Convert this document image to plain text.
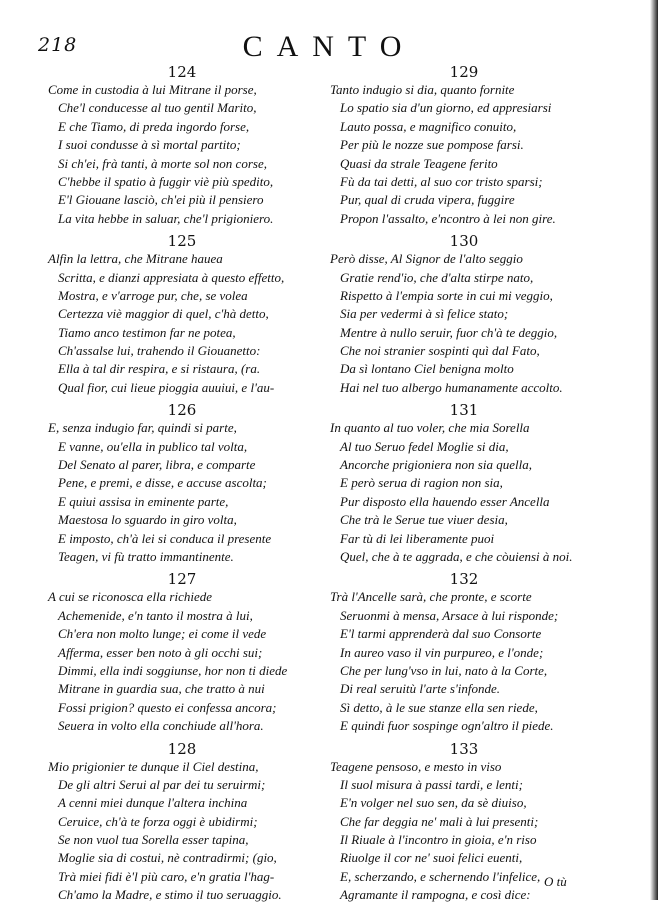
218	CANTO
124
Come in custodia à lui Mitrane il porse,
Che'l conducesse al tuo gentil Marito,
E che Tiamo, di preda ingordo forse,
I suoi condusse à sì mortal partito;
Si ch'ei, frà tanti, à morte sol non corse,
C'hebbe il spatio à fuggir viè più spedito,
E'l Giouane lasciò, ch'ei più il pensiero
La vita hebbe in saluar, che'l prigioniero.
125
Alfin la lettra, che Mitrane hauea
Scritta, e dianzi appresiata à questo effetto,
Mostra, e v'arroge pur, che, se volea
Certezza viè maggior di quel, c'hà detto,
Tiamo anco testimon far ne potea,
Ch'assalse lui, trahendo il Giouanetto:
Ella à tal dir respira, e si ristaura, (ra.
Qual fior, cui lieue pioggia auuiui, e l'au-
126
E, senza indugio far, quindi si parte,
E vanne, ou'ella in publico tal volta,
Del Senato al parer, libra, e comparte
Pene, e premi, e disse, e accuse ascolta;
E quiui assisa in eminente parte,
Maestosa lo sguardo in giro volta,
E imposto, ch'à lei si conduca il presente
Teagen, vi fù tratto immantinente.
127
A cui se riconosca ella richiede
Achemenide, e'n tanto il mostra à lui,
Ch'era non molto lunge; ei come il vede
Afferma, esser ben noto à gli occhi sui;
Dimmi, ella indi soggiunse, hor non ti diede
Mitrane in guardia sua, che tratto à nui
Fossi prigion? questo ei confessa ancora;
Seuera in volto ella conchiude all'hora.
128
Mio prigionier te dunque il Ciel destina,
De gli altri Serui al par dei tu seruirmi;
A cenni miei dunque l'altera inchina
Ceruice, ch'à te forza oggi è ubidirmi;
Se non vuol tua Sorella esser tapina,
Moglie sia di costui, nè contradirmi; (gio,
Trà miei fidi è'l più caro, e'n gratia l'hag-
Ch'amo la Madre, e stimo il tuo seruaggio.
129
Tanto indugio si dia, quanto fornite
Lo spatio sia d'un giorno, ed appresiarsi
Lauto possa, e magnifico conuito,
Per più le nozze sue pompose farsi.
Quasi da strale Teagene ferito
Fù da tai detti, al suo cor tristo sparsi;
Pur, qual di cruda vipera, fuggire
Propon l'assalto, e'ncontro à lei non gire.
130
Però disse, Al Signor de l'alto seggio
Gratie rend'io, che d'alta stirpe nato,
Rispetto à l'empia sorte in cui mi veggio,
Sia per vedermi à sì felice stato;
Mentre à nullo seruir, fuor ch'à te deggio,
Che noi stranier sospinti quì dal Fato,
Da sì lontano Ciel benigna molto
Hai nel tuo albergo humanamente accolto.
131
In quanto al tuo voler, che mia Sorella
Al tuo Seruo fedel Moglie si dia,
Ancorche prigioniera non sia quella,
E però serua di ragion non sia,
Pur disposto ella hauendo esser Ancella
Che trà le Serue tue viuer desia,
Far tù di lei liberamente puoi
Quel, che à te aggrada, e che còuiensi à noi.
132
Trà l'Ancelle sarà, che pronte, e scorte
Seruonmi à mensa, Arsace à lui risponde;
E'l tarmi apprenderà dal suo Consorte
In aureo vaso il vin purpureo, e l'onde;
Che per lung'vso in lui, nato à la Corte,
Di real seruitù l'arte s'infonde.
Sì detto, à le sue stanze ella sen riede,
E quindi fuor sospinge ogn'altro il piede.
133
Teagene pensoso, e mesto in viso
Il suol misura à passi tardi, e lenti;
E'n volger nel suo sen, da sè diuiso,
Che far deggia ne' mali à lui presenti;
Il Riuale à l'incontro in gioia, e'n riso
Riuolge il cor ne' suoi felici euenti,
E, scherzando, e schernendo l'infelice,
Agramante il rampogna, e così dice:
O tù
